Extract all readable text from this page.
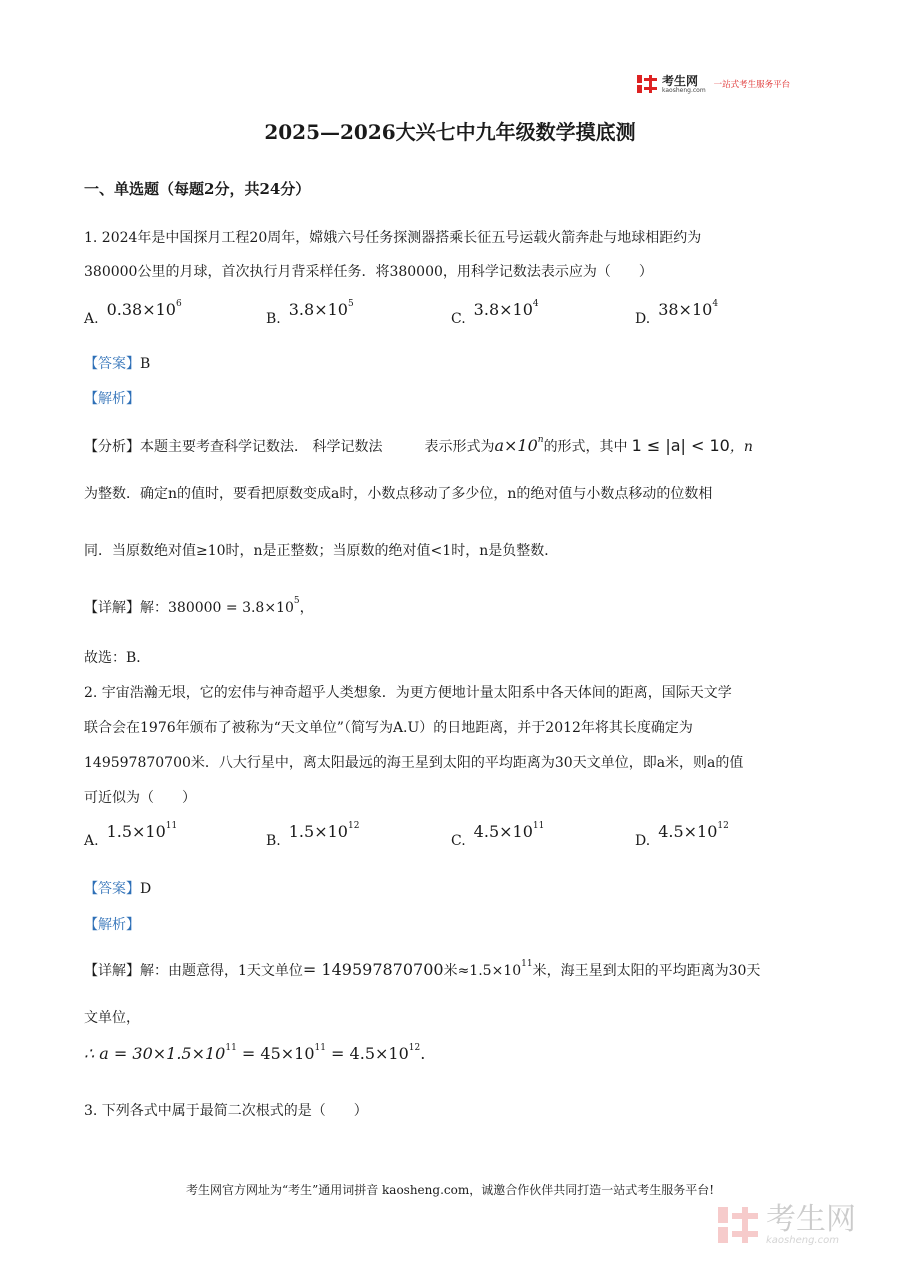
考生网
kaosheng.com 一站式考生服务平台
2025—2026大兴七中九年级数学摸底测
一、单选题（每题2分，共24分）
1. 2024年是中国探月工程20周年，嫦娥六号任务探测器搭乘长征五号运载火箭奔赴与地球相距约为
380000公里的月球，首次执行月背采样任务．将380000，用科学记数法表示应为（　　）
A. $0.38\times 10^6$
B. $3.8\times 10^5$
C. $3.8\times 10^4$
D. $38\times 10^4$
【答案】B
【解析】
【分析】本题主要考查科学记数法． 科学记数法　　　表示形式为$a\times 10^n$的形式，其中 1 ≤ |a| < 10，n
为整数．确定n的值时，要看把原数变成a时，小数点移动了多少位，n的绝对值与小数点移动的位数相
同．当原数绝对值≥10时，n是正整数；当原数的绝对值<1时，n是负整数．
【详解】解：$380000 = 3.8\times 10^5$，
故选：B．
2. 宇宙浩瀚无垠，它的宏伟与神奇超乎人类想象．为更方便地计量太阳系中各天体间的距离，国际天文学
联合会在1976年颁布了被称为“天文单位”（简写为A.U）的日地距离，并于2012年将其长度确定为
149597870700米．八大行星中，离太阳最远的海王星到太阳的平均距离为30天文单位，即a米，则a的值
可近似为（　　）
A. $1.5\times 10^{11}$
B. $1.5\times 10^{12}$
C. $4.5\times 10^{11}$
D. $4.5\times 10^{12}$
【答案】D
【解析】
【详解】解：由题意得，1天文单位= 149597870700米$\approx 1.5\times 10^{11}$米，海王星到太阳的平均距离为30天
文单位，
∴ $a = 30\times 1.5\times 10^{11} = 45\times 10^{11} = 4.5\times 10^{12}$.
3. 下列各式中属于最简二次根式的是（　　）
考生网官方网址为“考生”通用词拼音 kaosheng.com，诚邀合作伙伴共同打造一站式考生服务平台!
考生网
kaosheng.com
